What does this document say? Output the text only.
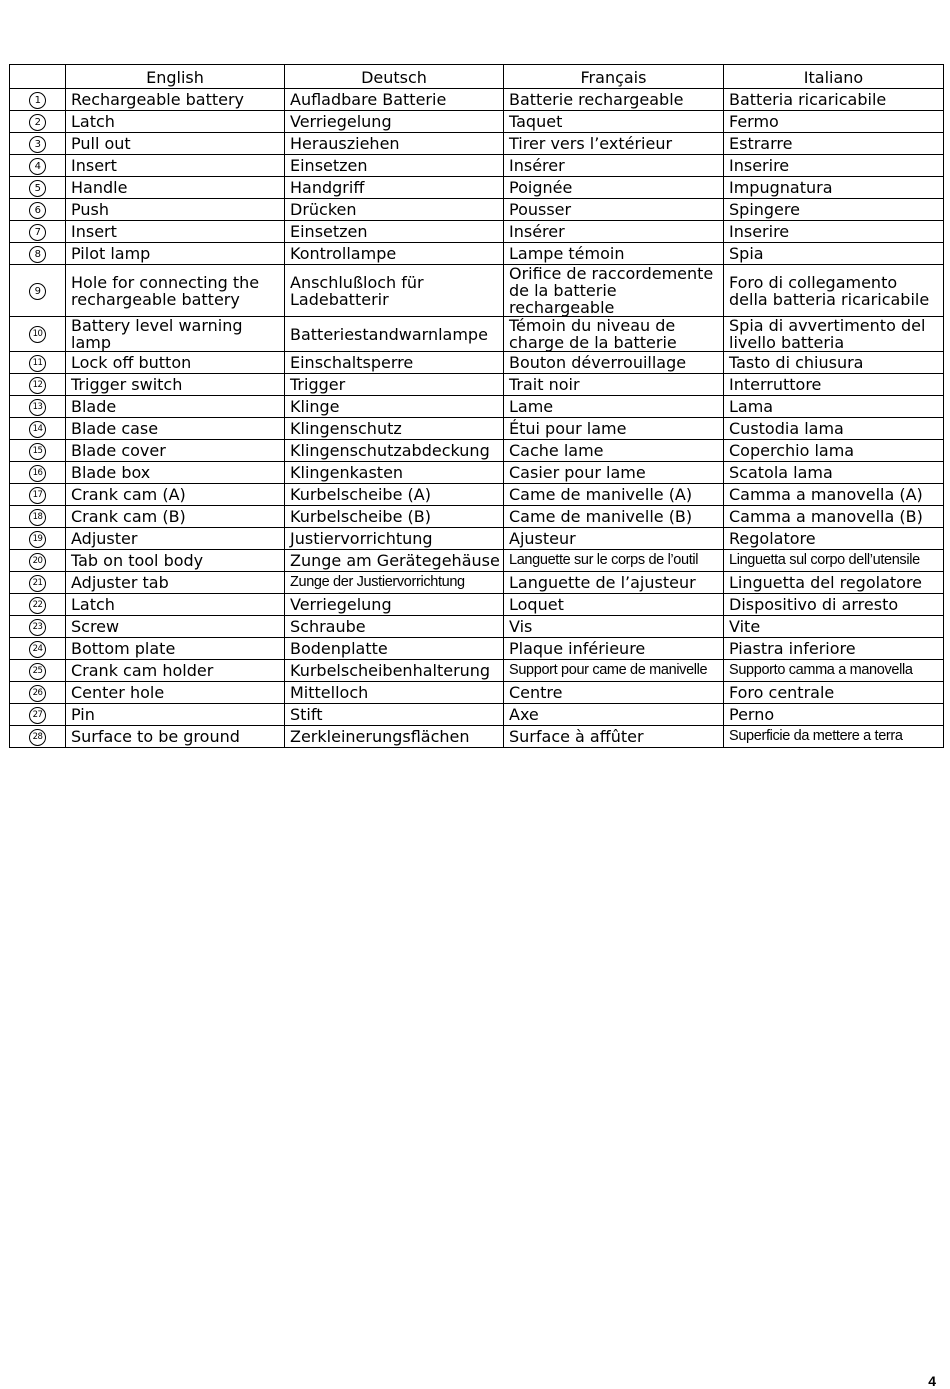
	English	Deutsch	Français	Italiano
1	Rechargeable battery	Aufladbare Batterie	Batterie rechargeable	Batteria ricaricabile
2	Latch	Verriegelung	Taquet	Fermo
3	Pull out	Herausziehen	Tirer vers l’extérieur	Estrarre
4	Insert	Einsetzen	Insérer	Inserire
5	Handle	Handgriff	Poignée	Impugnatura
6	Push	Drücken	Pousser	Spingere
7	Insert	Einsetzen	Insérer	Inserire
8	Pilot lamp	Kontrollampe	Lampe témoin	Spia
9	Hole for connecting the rechargeable battery	Anschlußloch für Ladebatterir	Orifice de raccordemente de la batterie rechargeable	Foro di collegamento della batteria ricaricabile
10	Battery level warning lamp	Batteriestandwarnlampe	Témoin du niveau de charge de la batterie	Spia di avvertimento del livello batteria
11	Lock off button	Einschaltsperre	Bouton déverrouillage	Tasto di chiusura
12	Trigger switch	Trigger	Trait noir	Interruttore
13	Blade	Klinge	Lame	Lama
14	Blade case	Klingenschutz	Étui pour lame	Custodia lama
15	Blade cover	Klingenschutzabdeckung	Cache lame	Coperchio lama
16	Blade box	Klingenkasten	Casier pour lame	Scatola lama
17	Crank cam (A)	Kurbelscheibe (A)	Came de manivelle (A)	Camma a manovella (A)
18	Crank cam (B)	Kurbelscheibe (B)	Came de manivelle (B)	Camma a manovella (B)
19	Adjuster	Justiervorrichtung	Ajusteur	Regolatore
20	Tab on tool body	Zunge am Gerätegehäuse	Languette sur le corps de l’outil	Linguetta sul corpo dell’utensile
21	Adjuster tab	Zunge der Justiervorrichtung	Languette de l’ajusteur	Linguetta del regolatore
22	Latch	Verriegelung	Loquet	Dispositivo di arresto
23	Screw	Schraube	Vis	Vite
24	Bottom plate	Bodenplatte	Plaque inférieure	Piastra inferiore
25	Crank cam holder	Kurbelscheibenhalterung	Support pour came de manivelle	Supporto camma a manovella
26	Center hole	Mittelloch	Centre	Foro centrale
27	Pin	Stift	Axe	Perno
28	Surface to be ground	Zerkleinerungsflächen	Surface à affûter	Superficie da mettere a terra
4
